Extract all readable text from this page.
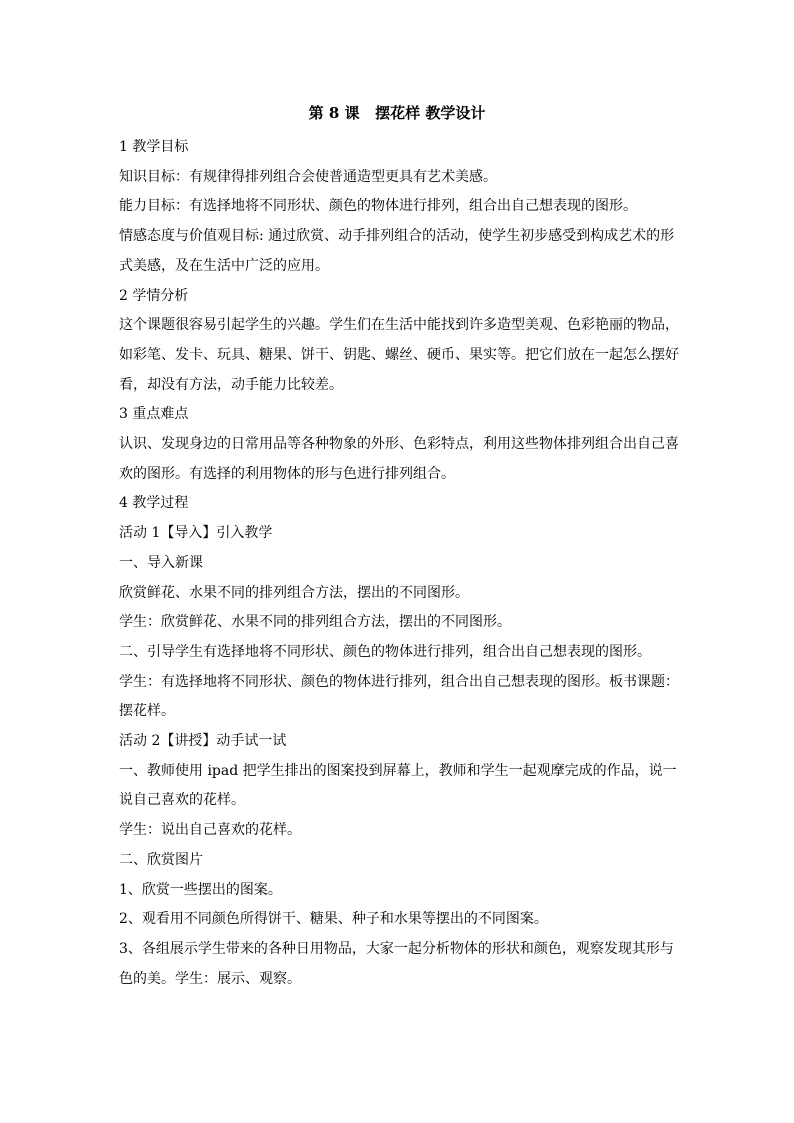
第 8 课   摆花样 教学设计

1 教学目标

知识目标：有规律得排列组合会使普通造型更具有艺术美感。

能力目标：有选择地将不同形状、颜色的物体进行排列，组合出自己想表现的图形。

情感态度与价值观目标: 通过欣赏、动手排列组合的活动，使学生初步感受到构成艺术的形

式美感，及在生活中广泛的应用。

2 学情分析

这个课题很容易引起学生的兴趣。学生们在生活中能找到许多造型美观、色彩艳丽的物品，

如彩笔、发卡、玩具、糖果、饼干、钥匙、螺丝、硬币、果实等。把它们放在一起怎么摆好

看，却没有方法，动手能力比较差。

3 重点难点

认识、发现身边的日常用品等各种物象的外形、色彩特点，利用这些物体排列组合出自己喜

欢的图形。有选择的利用物体的形与色进行排列组合。

4 教学过程

活动 1【导入】引入教学

一、导入新课

欣赏鲜花、水果不同的排列组合方法，摆出的不同图形。

学生：欣赏鲜花、水果不同的排列组合方法，摆出的不同图形。

二、引导学生有选择地将不同形状、颜色的物体进行排列，组合出自己想表现的图形。

学生：有选择地将不同形状、颜色的物体进行排列，组合出自己想表现的图形。板书课题：

摆花样。

活动 2【讲授】动手试一试

一、教师使用 ipad 把学生排出的图案投到屏幕上，教师和学生一起观摩完成的作品，说一

说自己喜欢的花样。

学生：说出自己喜欢的花样。

二、欣赏图片

1、欣赏一些摆出的图案。

2、观看用不同颜色所得饼干、糖果、种子和水果等摆出的不同图案。

3、各组展示学生带来的各种日用物品，大家一起分析物体的形状和颜色，观察发现其形与

色的美。学生：展示、观察。
